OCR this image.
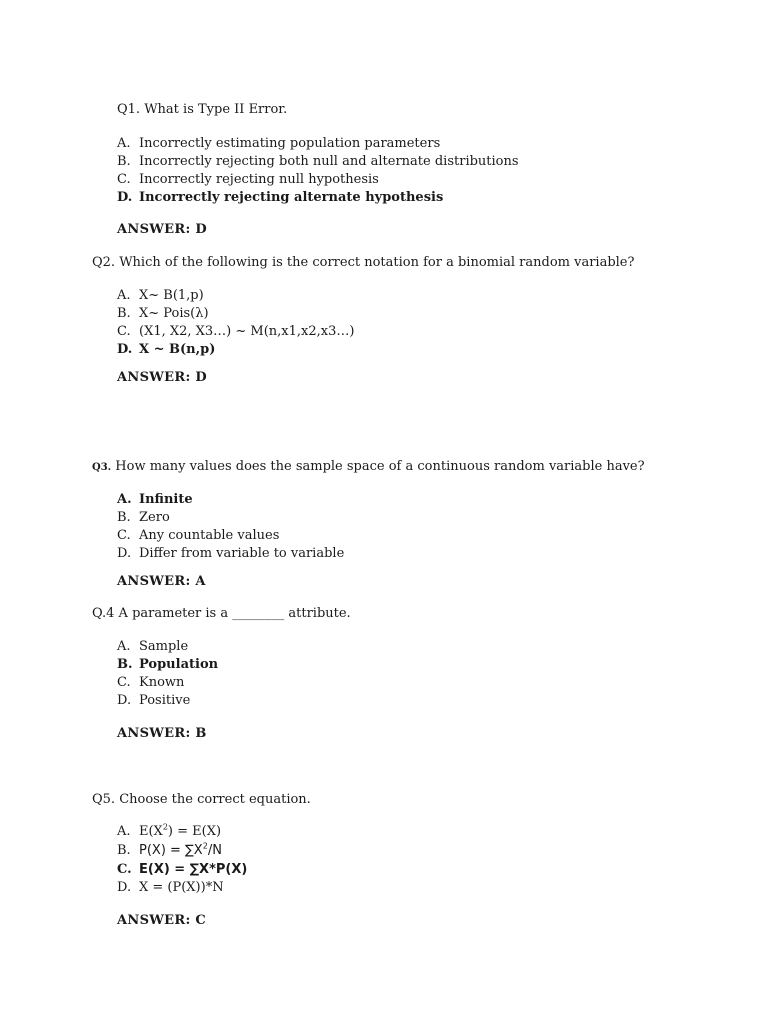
Q1. What is Type II Error.
A. Incorrectly estimating population parameters
B. Incorrectly rejecting both null and alternate distributions
C. Incorrectly rejecting null hypothesis
D. Incorrectly rejecting alternate hypothesis
ANSWER: D
Q2. Which of the following is the correct notation for a binomial random variable?
A. X~ B(1,p)
B. X~ Pois(λ)
C. (X1, X2, X3…) ~ M(n,x1,x2,x3…)
D. X ~ B(n,p)
ANSWER: D
Q3. How many values does the sample space of a continuous random variable have?
A. Infinite
B. Zero
C. Any countable values
D. Differ from variable to variable
ANSWER: A
Q.4 A parameter is a ________ attribute.
A. Sample
B. Population
C. Known
D. Positive
ANSWER: B
Q5. Choose the correct equation.
A. $E(X^2) = E(X)$
B. $P(X) = \sum X^2/N$
C. E(X) = ∑X*P(X)
D. X = (P(X))*N
ANSWER: C
